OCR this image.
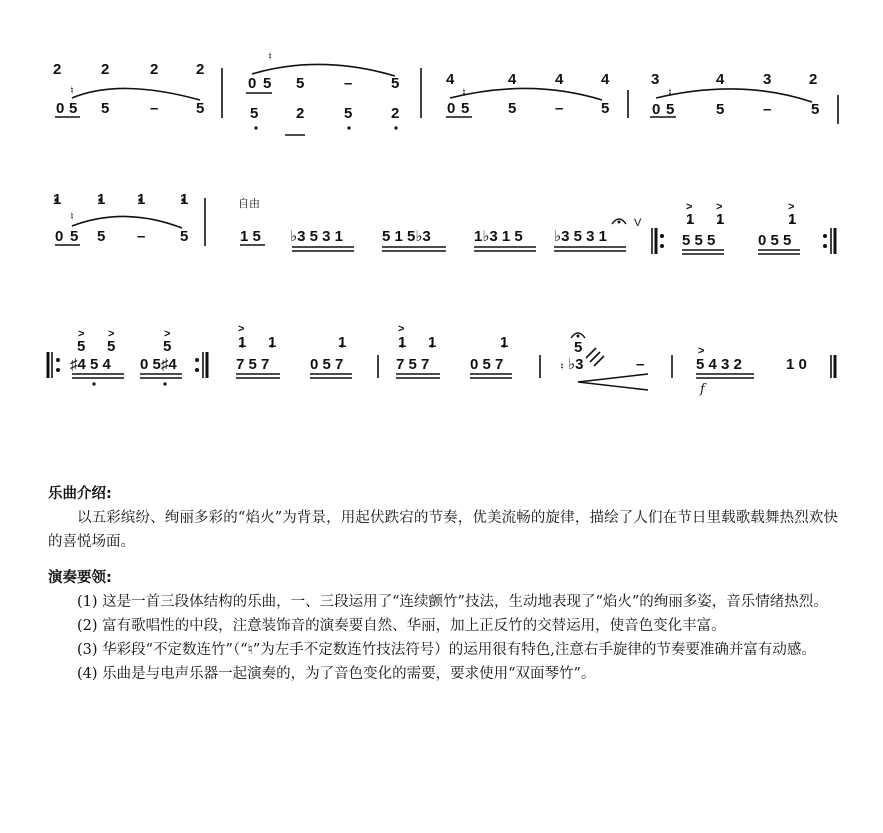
2	2	2	2
♮
0 5 5	–	5
♮
0 5 5	–	5
5	2	5	2
4	4	4	4
♮
0 5	5	–	5
3	4	3	2
♮
0 5	5	–	5
1 1 1 1
♮
0 5 5 – 5
自由
1 5 ♭3 5 3 1	5 1 5♭3	1♭3 1 5 ♭3 5 3 1
V
> >	>
1 1	1
5 5 5	0 5 5
> >	>
5 5	5
♯4 5 4 0 5♯4
>
1 1	1
7 5 7	0 5 7
>
1 1	1
7 5 7	0 5 7
5
♮ ♭3	–
>
5 4 3 2	1 0
f
乐曲介绍:

以五彩缤纷、绚丽多彩的“焰火”为背景，用起伏跌宕的节奏，优美流畅的旋律，描绘了人们在节日里载歌载舞热烈欢快的喜悦场面。

演奏要领:

(1) 这是一首三段体结构的乐曲，一、三段运用了“连续颤竹”技法，生动地表现了“焰火”的绚丽多姿，音乐情绪热烈。

(2) 富有歌唱性的中段，注意装饰音的演奏要自然、华丽，加上正反竹的交替运用，使音色变化丰富。

(3) 华彩段“不定数连竹”（“♮”为左手不定数连竹技法符号）的运用很有特色,注意右手旋律的节奏要准确并富有动感。

(4) 乐曲是与电声乐器一起演奏的，为了音色变化的需要，要求使用“双面琴竹”。
